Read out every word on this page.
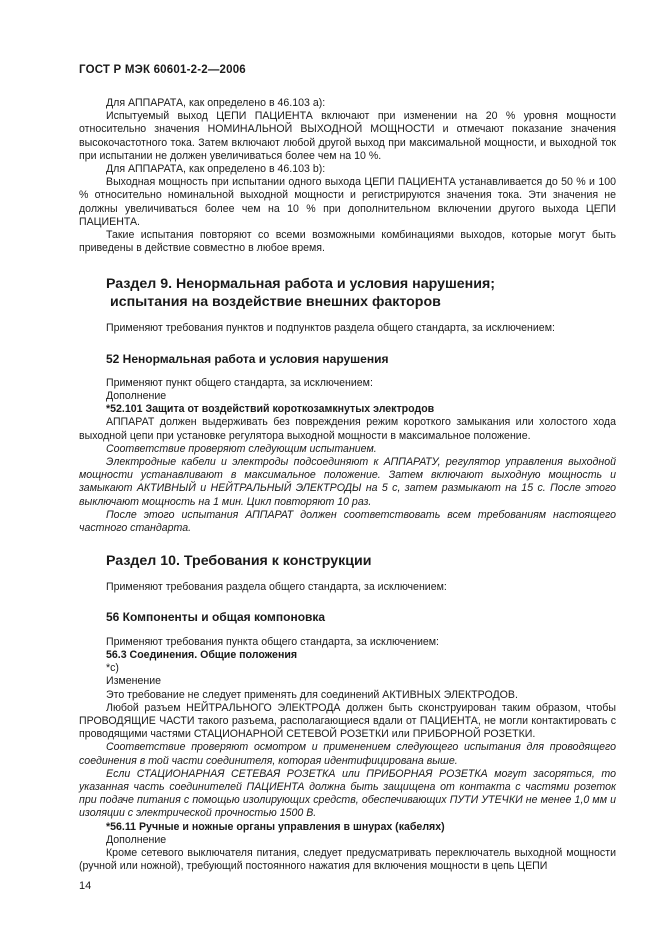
ГОСТ Р МЭК 60601-2-2—2006

Для АППАРАТА, как определено в 46.103 а):

Испытуемый выход ЦЕПИ ПАЦИЕНТА включают при изменении на 20 % уровня мощности относительно значения НОМИНАЛЬНОЙ ВЫХОДНОЙ МОЩНОСТИ и отмечают показание значения высокочастотного тока. Затем включают любой другой выход при максимальной мощности, и выходной ток при испытании не должен увеличиваться более чем на 10 %.

Для АППАРАТА, как определено в 46.103 b):

Выходная мощность при испытании одного выхода ЦЕПИ ПАЦИЕНТА устанавливается до 50 % и 100 % относительно номинальной выходной мощности и регистрируются значения тока. Эти значения не должны увеличиваться более чем на 10 % при дополнительном включении другого выхода ЦЕПИ ПАЦИЕНТА.

Такие испытания повторяют со всеми возможными комбинациями выходов, которые могут быть приведены в действие совместно в любое время.

Раздел 9. Ненормальная работа и условия нарушения;
испытания на воздействие внешних факторов

Применяют требования пунктов и подпунктов раздела общего стандарта, за исключением:

52 Ненормальная работа и условия нарушения

Применяют пункт общего стандарта, за исключением:

Дополнение

*52.101 Защита от воздействий короткозамкнутых электродов

АППАРАТ должен выдерживать без повреждения режим короткого замыкания или холостого хода выходной цепи при установке регулятора выходной мощности в максимальное положение.

Соответствие проверяют следующим испытанием.

Электродные кабели и электроды подсоединяют к АППАРАТУ, регулятор управления выходной мощности устанавливают в максимальное положение. Затем включают выходную мощность и замыкают АКТИВНЫЙ и НЕЙТРАЛЬНЫЙ ЭЛЕКТРОДЫ на 5 с, затем размыкают на 15 с. После этого выключают мощность на 1 мин. Цикл повторяют 10 раз.

После этого испытания АППАРАТ должен соответствовать всем требованиям настоящего частного стандарта.

Раздел 10. Требования к конструкции

Применяют требования раздела общего стандарта, за исключением:

56 Компоненты и общая компоновка

Применяют требования пункта общего стандарта, за исключением:

56.3 Соединения. Общие положения

*с)

Изменение

Это требование не следует применять для соединений АКТИВНЫХ ЭЛЕКТРОДОВ.

Любой разъем НЕЙТРАЛЬНОГО ЭЛЕКТРОДА должен быть сконструирован таким образом, чтобы ПРОВОДЯЩИЕ ЧАСТИ такого разъема, располагающиеся вдали от ПАЦИЕНТА, не могли контактировать с проводящими частями СТАЦИОНАРНОЙ СЕТЕВОЙ РОЗЕТКИ или ПРИБОРНОЙ РОЗЕТКИ.

Соответствие проверяют осмотром и применением следующего испытания для проводящего соединения в той части соединителя, которая идентифицирована выше.

Если СТАЦИОНАРНАЯ СЕТЕВАЯ РОЗЕТКА или ПРИБОРНАЯ РОЗЕТКА могут засоряться, то указанная часть соединителей ПАЦИЕНТА должна быть защищена от контакта с частями розеток при подаче питания с помощью изолирующих средств, обеспечивающих ПУТИ УТЕЧКИ не менее 1,0 мм и изоляции с электрической прочностью 1500 В.

*56.11 Ручные и ножные органы управления в шнурах (кабелях)

Дополнение

Кроме сетевого выключателя питания, следует предусматривать переключатель выходной мощности (ручной или ножной), требующий постоянного нажатия для включения мощности в цепь ЦЕПИ

14
